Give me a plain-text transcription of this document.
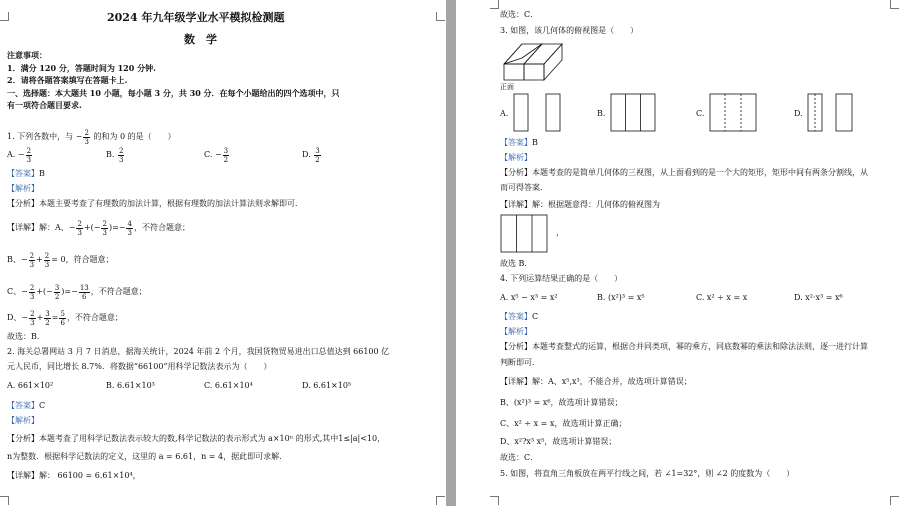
2024 年九年级学业水平模拟检测题
数　学
注意事项：
1．满分 120 分，答题时间为 120 分钟.
2．请将各题答案填写在答题卡上.
一、选择题：本大题共 10 小题，每小题 3 分，共 30 分．在每个小题给出的四个选项中，只
有一项符合题目要求.
1. 下列各数中，与 − $\frac{2}{3}$ 的和为 0 的是（　　）
A. − $\frac{2}{3}$	B. $\frac{2}{3}$	C. − $\frac{3}{2}$	D. $\frac{3}{2}$
【答案】B
【解析】
【分析】本题主要考查了有理数的加法计算，根据有理数的加法计算法则求解即可．
【详解】解：A、− $\frac{2}{3}$ +(− $\frac{2}{3}$ )=− $\frac{4}{3}$ ，不符合题意；
B、− $\frac{2}{3} + \frac{2}{3} = 0$，符合题意；
C、− $\frac{2}{3}$ +(− $\frac{3}{2}$ )=− $\frac{13}{6}$ ，不符合题意；
D、− $\frac{2}{3} + \frac{3}{2} = \frac{5}{6}$ ，不符合题意；
故选：B．
2. 海关总署网站 3 月 7 日消息，据海关统计，2024 年前 2 个月，我国货物贸易进出口总值达到 66100 亿
元人民币，同比增长 8.7%．将数据“66100”用科学记数法表示为（　　）
A. 661×10²	B. 6.61×10³	C. 6.61×10⁴	D. 6.61×10⁵
【答案】C
【解析】
【分析】本题考查了用科学记数法表示较大的数,科学记数法的表示形式为 a×10ⁿ 的形式,其中1≤|a|<10，
n为整数．根据科学记数法的定义，这里的 a = 6.61，n = 4，据此即可求解．
【详解】解： 66100 = 6.61×10⁴，
故选：C．
3. 如图，该几何体的俯视图是（　　）
正面
A.	B.	C.	D.
【答案】B
【解析】
【分析】本题考查的是简单几何体的三视图，从上面看到的是一个大的矩形，矩形中间有两条分割线，从
而可得答案．
【详解】解：根据题意得：几何体的俯视图为
，
故选 B．
4. 下列运算结果正确的是（　　）
A. x⁵ − x³ = x²	B. (x²)³ = x⁵	C. x² ÷ x = x	D. x²·x³ = x⁶
【答案】C
【解析】
【分析】本题考查整式的运算，根据合并同类项，幂的乘方，同底数幂的乘法和除法法则，逐一进行计算
判断即可．
【详解】解：A、x⁵,x³，不能合并，故选项计算错误；
B、(x²)³ = x⁶，故选项计算错误；
C、x² ÷ x = x，故选项计算正确；
D、x²?x³ x⁵，故选项计算错误；
故选：C．
5. 如图，将直角三角板放在两平行线之间，若 ∠1=32°，则 ∠2 的度数为（　　）
